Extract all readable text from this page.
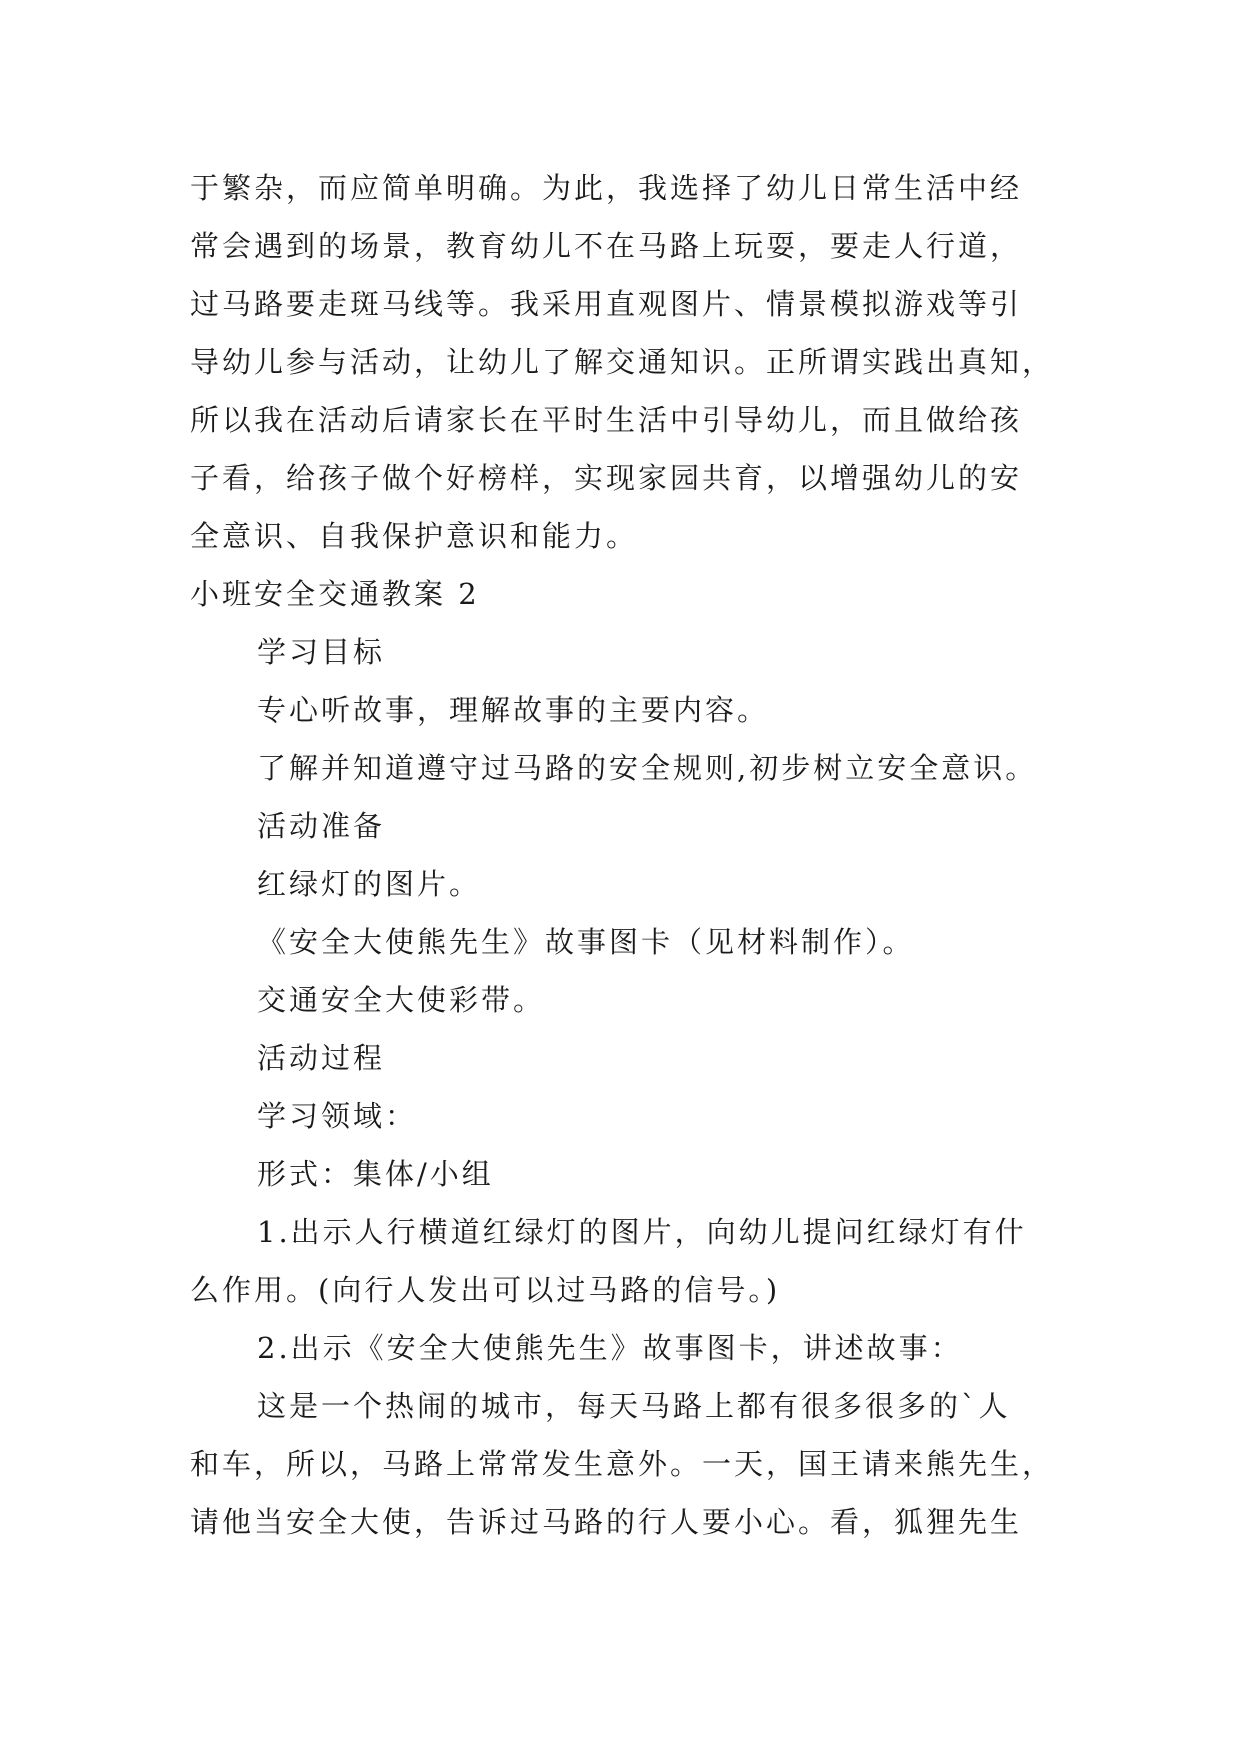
于繁杂，而应简单明确。为此，我选择了幼儿日常生活中经
常会遇到的场景，教育幼儿不在马路上玩耍，要走人行道，
过马路要走斑马线等。我采用直观图片、情景模拟游戏等引
导幼儿参与活动，让幼儿了解交通知识。正所谓实践出真知，
所以我在活动后请家长在平时生活中引导幼儿，而且做给孩
子看，给孩子做个好榜样，实现家园共育，以增强幼儿的安
全意识、自我保护意识和能力。
小班安全交通教案 2
学习目标
专心听故事，理解故事的主要内容。
了解并知道遵守过马路的安全规则,初步树立安全意识。
活动准备
红绿灯的图片。
《安全大使熊先生》故事图卡（见材料制作）。
交通安全大使彩带。
活动过程
学习领域：
形式：集体/小组
1.出示人行横道红绿灯的图片，向幼儿提问红绿灯有什
么作用。(向行人发出可以过马路的信号。)
2.出示《安全大使熊先生》故事图卡，讲述故事：
这是一个热闹的城市，每天马路上都有很多很多的`人
和车，所以，马路上常常发生意外。一天，国王请来熊先生，
请他当安全大使，告诉过马路的行人要小心。看，狐狸先生
